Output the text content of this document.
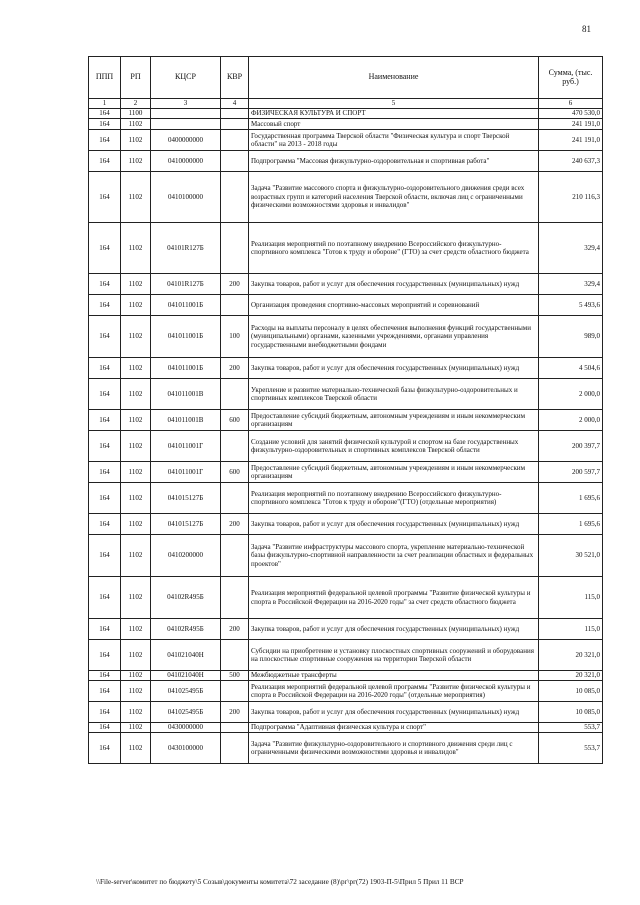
81
ППП	РП	КЦСР	КВР	Наименование	Сумма, (тыс. руб.)
1	2	3	4	5	6
164	1100			ФИЗИЧЕСКАЯ КУЛЬТУРА И СПОРТ	470 530,0
164	1102			Массовый спорт	241 191,0
164	1102	0400000000		Государственная программа Тверской области "Физическая культура и спорт Тверской области" на 2013 - 2018 годы	241 191,0
164	1102	0410000000		Подпрограмма "Массовая физкультурно-оздоровительная и спортивная работа"	240 637,3
164	1102	0410100000		Задача "Развитие массового спорта и физкультурно-оздоровительного движения среди всех возрастных групп и категорий населения Тверской области, включая лиц с ограниченными физическими возможностями здоровья и инвалидов"	210 116,3
164	1102	04101R127Б		Реализация мероприятий по поэтапному внедрению Всероссийского физкультурно-спортивного комплекса "Готов к труду и обороне" (ГТО) за счет средств областного бюджета	329,4
164	1102	04101R127Б	200	Закупка товаров, работ и услуг для обеспечения государственных (муниципальных) нужд	329,4
164	1102	041011001Б		Организация проведения спортивно-массовых мероприятий и соревнований	5 493,6
164	1102	041011001Б	100	Расходы на выплаты персоналу в целях обеспечения выполнения функций государственными (муниципальными) органами, казенными учреждениями, органами управления государственными внебюджетными фондами	989,0
164	1102	041011001Б	200	Закупка товаров, работ и услуг для обеспечения государственных (муниципальных) нужд	4 504,6
164	1102	041011001В		Укрепление и развитие материально-технической базы физкультурно-оздоровительных и спортивных комплексов Тверской области	2 000,0
164	1102	041011001В	600	Предоставление субсидий бюджетным, автономным учреждениям и иным некоммерческим организациям	2 000,0
164	1102	041011001Г		Создание условий для занятий физической культурой и спортом на базе государственных физкультурно-оздоровительных и спортивных комплексов Тверской области	200 397,7
164	1102	041011001Г	600	Предоставление субсидий бюджетным, автономным учреждениям и иным некоммерческим организациям	200 597,7
164	1102	041015127Б		Реализация мероприятий по поэтапному внедрению Всероссийского физкультурно-спортивного комплекса "Готов к труду и обороне"(ГТО) (отдельные мероприятия)	1 695,6
164	1102	041015127Б	200	Закупка товаров, работ и услуг для обеспечения государственных (муниципальных) нужд	1 695,6
164	1102	0410200000		Задача "Развитие инфраструктуры массового спорта, укрепление материально-технической базы физкультурно-спортивной направленности за счет реализации областных и федеральных проектов"	30 521,0
164	1102	04102R495Б		Реализация мероприятий федеральной целевой программы "Развитие физической культуры и спорта в Российской Федерации на 2016-2020 годы" за счет средств областного бюджета	115,0
164	1102	04102R495Б	200	Закупка товаров, работ и услуг для обеспечения государственных (муниципальных) нужд	115,0
164	1102	041021040Н		Субсидии на приобретение и установку плоскостных спортивных сооружений и оборудования на плоскостные спортивные сооружения на территории Тверской области	20 321,0
164	1102	041021040Н	500	Межбюджетные трансферты	20 321,0
164	1102	041025495Б		Реализация мероприятий федеральной целевой программы "Развитие физической культуры и спорта в Российской Федерации на 2016-2020 годы" (отдельные мероприятия)	10 085,0
164	1102	041025495Б	200	Закупка товаров, работ и услуг для обеспечения государственных (муниципальных) нужд	10 085,0
164	1102	0430000000		Подпрограмма "Адаптивная физическая культура и спорт"	553,7
164	1102	0430100000		Задача "Развитие физкультурно-оздоровительного и спортивного движения среди лиц с ограниченными физическими возможностями здоровья и инвалидов"	553,7
\\File-server\комитет по бюджету\5 Созыв\документы комитета\72 заседание (8)\рг\рг(72) 1903-П-5\Прил 5 Прил 11 ВСР
